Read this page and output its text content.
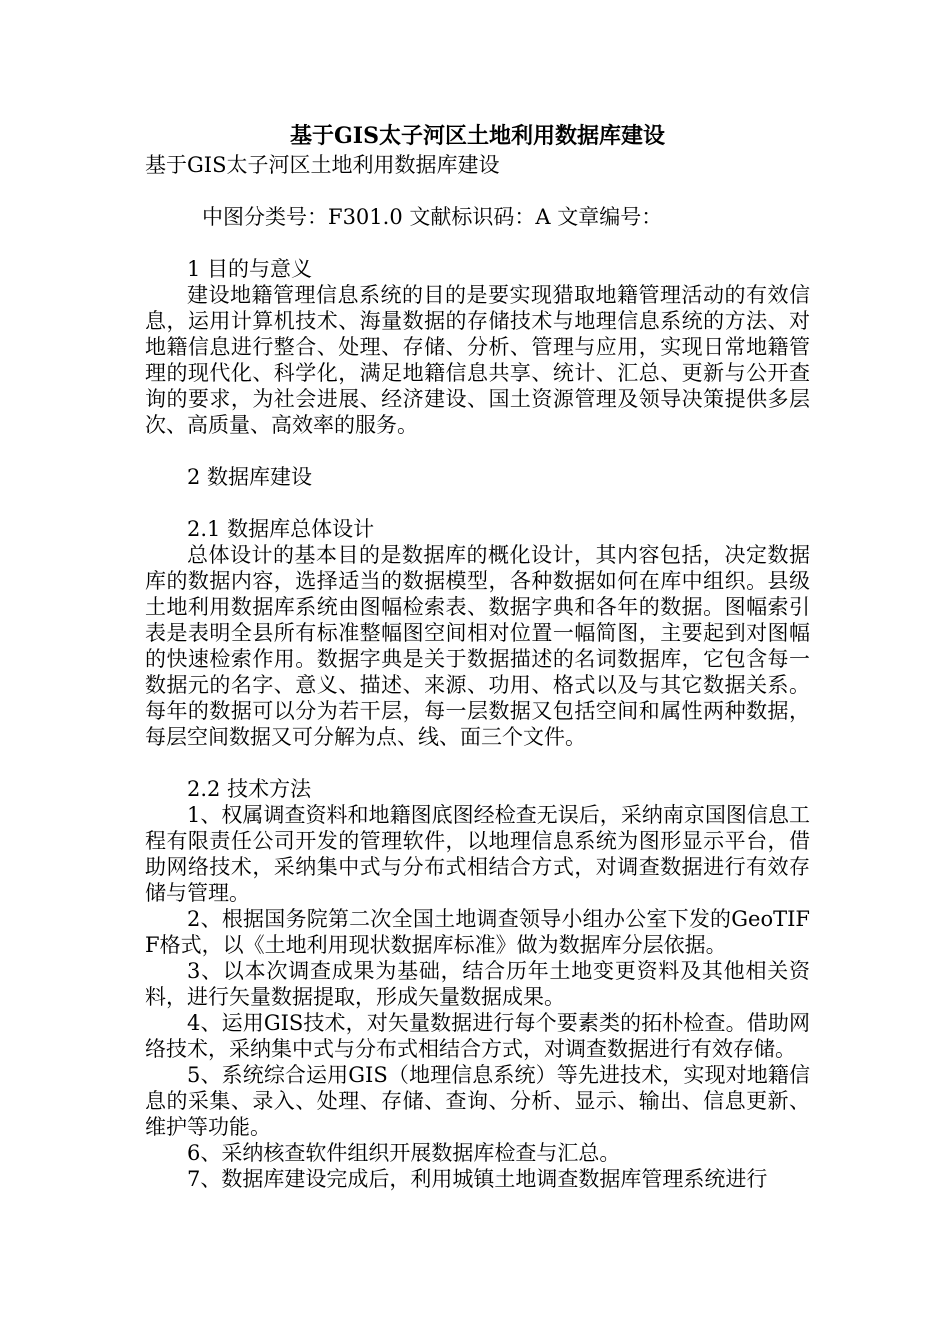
基于GIS太子河区土地利用数据库建设

基于GIS太子河区土地利用数据库建设

中图分类号：F301.0 文献标识码：A 文章编号：

1 目的与意义

建设地籍管理信息系统的目的是要实现猎取地籍管理活动的有效信息，运用计算机技术、海量数据的存储技术与地理信息系统的方法、对地籍信息进行整合、处理、存储、分析、管理与应用，实现日常地籍管理的现代化、科学化，满足地籍信息共享、统计、汇总、更新与公开查询的要求，为社会进展、经济建设、国土资源管理及领导决策提供多层次、高质量、高效率的服务。

2 数据库建设

2.1 数据库总体设计

总体设计的基本目的是数据库的概化设计，其内容包括，决定数据库的数据内容，选择适当的数据模型，各种数据如何在库中组织。县级土地利用数据库系统由图幅检索表、数据字典和各年的数据。图幅索引表是表明全县所有标准整幅图空间相对位置一幅简图，主要起到对图幅的快速检索作用。数据字典是关于数据描述的名词数据库，它包含每一数据元的名字、意义、描述、来源、功用、格式以及与其它数据关系。每年的数据可以分为若干层，每一层数据又包括空间和属性两种数据，每层空间数据又可分解为点、线、面三个文件。

2.2 技术方法

1、权属调查资料和地籍图底图经检查无误后，采纳南京国图信息工程有限责任公司开发的管理软件，以地理信息系统为图形显示平台，借助网络技术，采纳集中式与分布式相结合方式，对调查数据进行有效存储与管理。

2、根据国务院第二次全国土地调查领导小组办公室下发的GeoTIFF格式，以《土地利用现状数据库标准》做为数据库分层依据。

3、以本次调查成果为基础，结合历年土地变更资料及其他相关资料，进行矢量数据提取，形成矢量数据成果。

4、运用GIS技术，对矢量数据进行每个要素类的拓朴检查。借助网络技术，采纳集中式与分布式相结合方式，对调查数据进行有效存储。

5、系统综合运用GIS（地理信息系统）等先进技术，实现对地籍信息的采集、录入、处理、存储、查询、分析、显示、输出、信息更新、维护等功能。

6、采纳核查软件组织开展数据库检查与汇总。

7、数据库建设完成后，利用城镇土地调查数据库管理系统进行
